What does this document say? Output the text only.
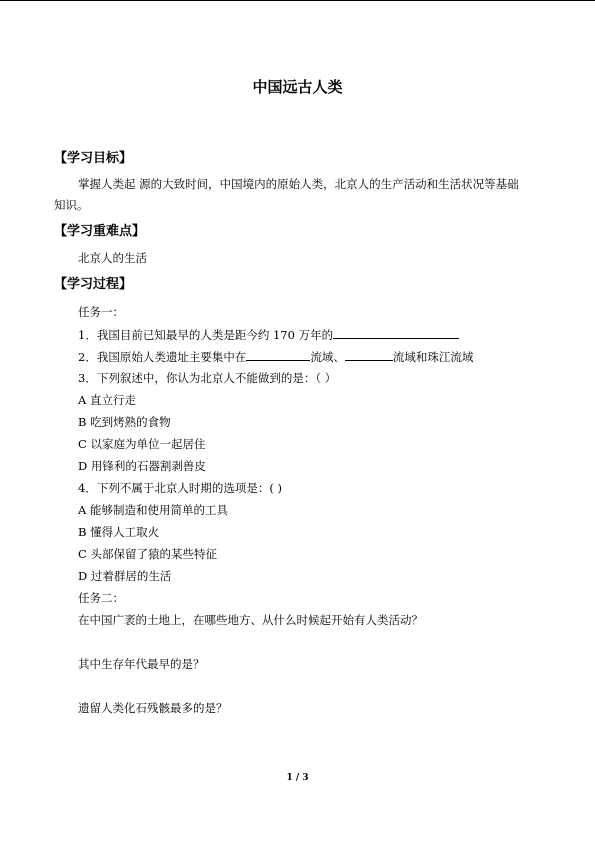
中国远古人类
【学习目标】
掌握人类起 源的大致时间，中国境内的原始人类，北京人的生产活动和生活状况等基础
知识。
【学习重难点】
北京人的生活
【学习过程】
任务一：
1．我国目前已知最早的人类是距今约 170 万年的
2．我国原始人类遗址主要集中在	流域、	流域和珠江流域
3．下列叙述中，你认为北京人不能做到的是：（ ）
A 直立行走
B 吃到烤熟的食物
C 以家庭为单位一起居住
D 用锋利的石器割剥兽皮
4．下列不属于北京人时期的选项是：( )
A 能够制造和使用简单的工具
B 懂得人工取火
C 头部保留了猿的某些特征
D 过着群居的生活
任务二：
在中国广袤的土地上，在哪些地方、从什么时候起开始有人类活动？
其中生存年代最早的是？
遗留人类化石残骸最多的是？
1 / 3
